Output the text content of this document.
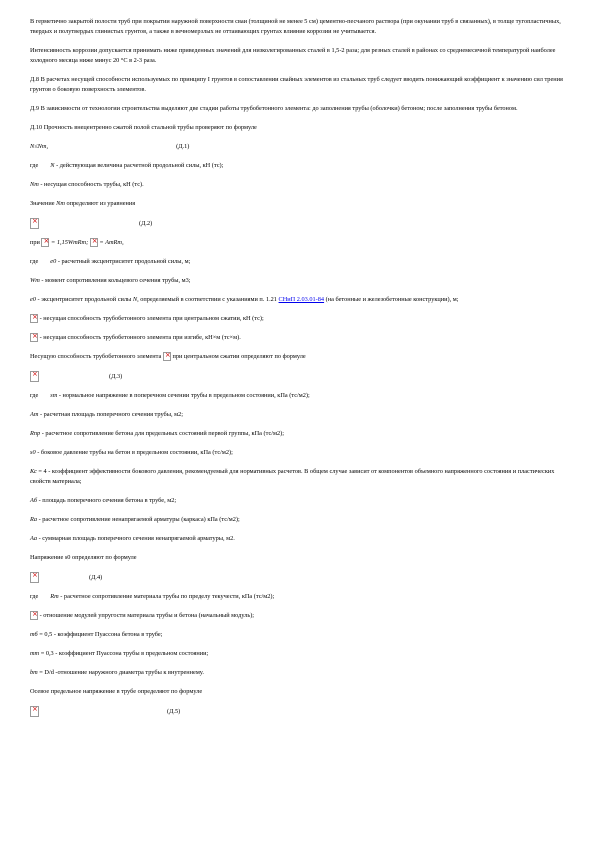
В герметично закрытой полости труб при покрытии наружной поверхности сваи (толщиной не менее 5 см) цементно-песчаного раствора (при окунании труб в связанных), в толще тугопластичных, твердых и полутвердых глинистых грунтов, а также в вечномерзлых не оттаивающих грунтах влияние коррозии не учитывается.

Интенсивность коррозии допускается принимать ниже приведенных значений для низколегированных сталей в 1,5-2 раза; для резных сталей в районах со среднемесячной температурой наиболее холодного месяца ниже минус 20 °С в 2-3 раза.

Д.8 В расчетах несущей способности используемых по принципу I грунтов в сопоставлении свайных элементов из стальных труб следует вводить понижающий коэффициент к значению сил трения грунтов о боковую поверхность элементов.

Д.9 В зависимости от технологии строительства выделяют две стадии работы трубобетонного элемента: до заполнения трубы (оболочки) бетоном; после заполнения трубы бетоном.

Д.10 Прочность внецентренно сжатой полой стальной трубы проверяют по формуле

N≤Nт,	(Д.1)

где N - действующая величина расчетной продольной силы, кН (тс);

Nт - несущая способность трубы, кН (тс).

Значение Nт определяют из уравнения

×(Д.2)

при × = 1,15WтRт; × = AтRт,

где e0 - расчетный эксцентриситет продольной силы, м;

Wт - момент сопротивления кольцевого сечения трубы, м3;

e0 - эксцентриситет продольной силы N, определяемый в соответствии с указаниями п. 1.21 СНиП 2.03.01-84 (на бетонные и железобетонные конструкции), м;

× - несущая способность трубобетонного элемента при центральном сжатии, кН (тс);

× - несущая способность трубобетонного элемента при изгибе, кН×м (тс×м).

Несущую способность трубобетонного элемента × при центральном сжатии определяют по формуле

×(Д.3)

где sт - нормальное напряжение в поперечном сечении трубы в предельном состоянии, кПа (тс/м2);

Aт - расчетная площадь поперечного сечения трубы, м2;

Rпр - расчетное сопротивление бетона для предельных состояний первой группы, кПа (тс/м2);

s0 - боковое давление трубы на бетон в предельном состоянии, кПа (тс/м2);

Кс = 4 - коэффициент эффективности бокового давления, рекомендуемый для нормативных расчетов. В общем случае зависит от компонентов объемного напряженного состояния и пластических свойств материала;

Aб - площадь поперечного сечения бетона в трубе, м2;

Rа - расчетное сопротивление ненапрягаемой арматуры (каркаса) кПа (тс/м2);

Aа - суммарная площадь поперечного сечения ненапрягаемой арматуры, м2.

Напряжение s0 определяют по формуле

×(Д.4)

где Rт - расчетное сопротивление материала трубы по пределу текучести, кПа (тс/м2);

× - отношение модулей упругости материала трубы и бетона (начальный модуль);

mб = 0,5 - коэффициент Пуассона бетона в трубе;

mт = 0,3 - коэффициент Пуассона трубы в предельном состоянии;

bт = D/d -отношение наружного диаметра трубы к внутреннему.

Осевое предельное напряжение в трубе определяют по формуле

×(Д.5)
